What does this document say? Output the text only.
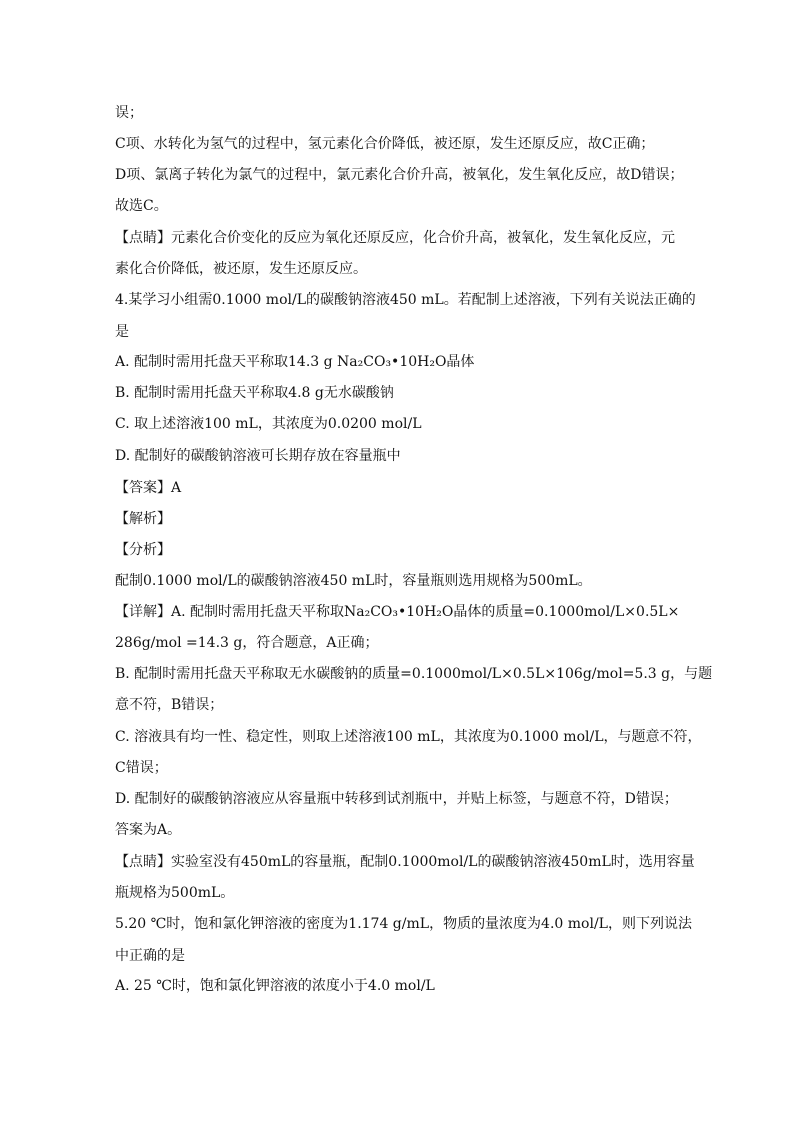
误；
C项、水转化为氢气的过程中，氢元素化合价降低，被还原，发生还原反应，故C正确；
D项、氯离子转化为氯气的过程中，氯元素化合价升高，被氧化，发生氧化反应，故D错误；
故选C。
【点睛】元素化合价变化的反应为氧化还原反应，化合价升高，被氧化，发生氧化反应，元
素化合价降低，被还原，发生还原反应。
4.某学习小组需0.1000 mol/L的碳酸钠溶液450 mL。若配制上述溶液，下列有关说法正确的
是
A. 配制时需用托盘天平称取14.3 g Na₂CO₃•10H₂O晶体
B. 配制时需用托盘天平称取4.8 g无水碳酸钠
C. 取上述溶液100 mL，其浓度为0.0200 mol/L
D. 配制好的碳酸钠溶液可长期存放在容量瓶中
【答案】A
【解析】
【分析】
配制0.1000 mol/L的碳酸钠溶液450 mL时，容量瓶则选用规格为500mL。
【详解】A. 配制时需用托盘天平称取Na₂CO₃•10H₂O晶体的质量=0.1000mol/L×0.5L×
286g/mol =14.3 g，符合题意，A正确；
B. 配制时需用托盘天平称取无水碳酸钠的质量=0.1000mol/L×0.5L×106g/mol=5.3 g，与题
意不符，B错误；
C. 溶液具有均一性、稳定性，则取上述溶液100 mL，其浓度为0.1000 mol/L，与题意不符，
C错误；
D. 配制好的碳酸钠溶液应从容量瓶中转移到试剂瓶中，并贴上标签，与题意不符，D错误；
答案为A。
【点睛】实验室没有450mL的容量瓶，配制0.1000mol/L的碳酸钠溶液450mL时，选用容量
瓶规格为500mL。
5.20 ℃时，饱和氯化钾溶液的密度为1.174 g/mL，物质的量浓度为4.0 mol/L，则下列说法
中正确的是
A. 25 ℃时，饱和氯化钾溶液的浓度小于4.0 mol/L
